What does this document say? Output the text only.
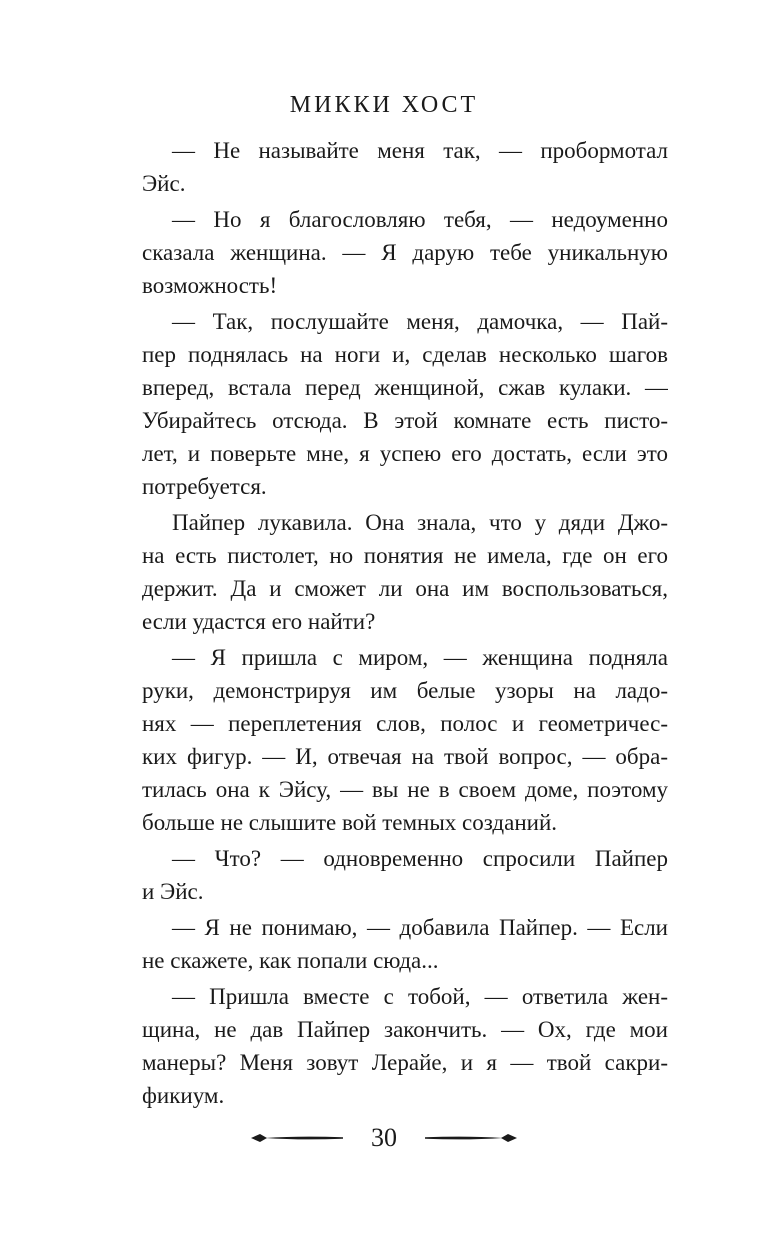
МИККИ ХОСТ
— Не называйте меня так, — пробормотал
Эйс.
— Но я благословляю тебя, — недоуменно
сказала женщина. — Я дарую тебе уникальную
возможность!
— Так, послушайте меня, дамочка, — Пай-
пер поднялась на ноги и, сделав несколько шагов
вперед, встала перед женщиной, сжав кулаки. —
Убирайтесь отсюда. В этой комнате есть писто-
лет, и поверьте мне, я успею его достать, если это
потребуется.
Пайпер лукавила. Она знала, что у дяди Джо-
на есть пистолет, но понятия не имела, где он его
держит. Да и сможет ли она им воспользоваться,
если удастся его найти?
— Я пришла с миром, — женщина подняла
руки, демонстрируя им белые узоры на ладо-
нях — переплетения слов, полос и геометричес-
ких фигур. — И, отвечая на твой вопрос, — обра-
тилась она к Эйсу, — вы не в своем доме, поэтому
больше не слышите вой темных созданий.
— Что? — одновременно спросили Пайпер
и Эйс.
— Я не понимаю, — добавила Пайпер. — Если
не скажете, как попали сюда...
— Пришла вместе с тобой, — ответила жен-
щина, не дав Пайпер закончить. — Ох, где мои
манеры? Меня зовут Лерайе, и я — твой сакри-
фикиум.
30
